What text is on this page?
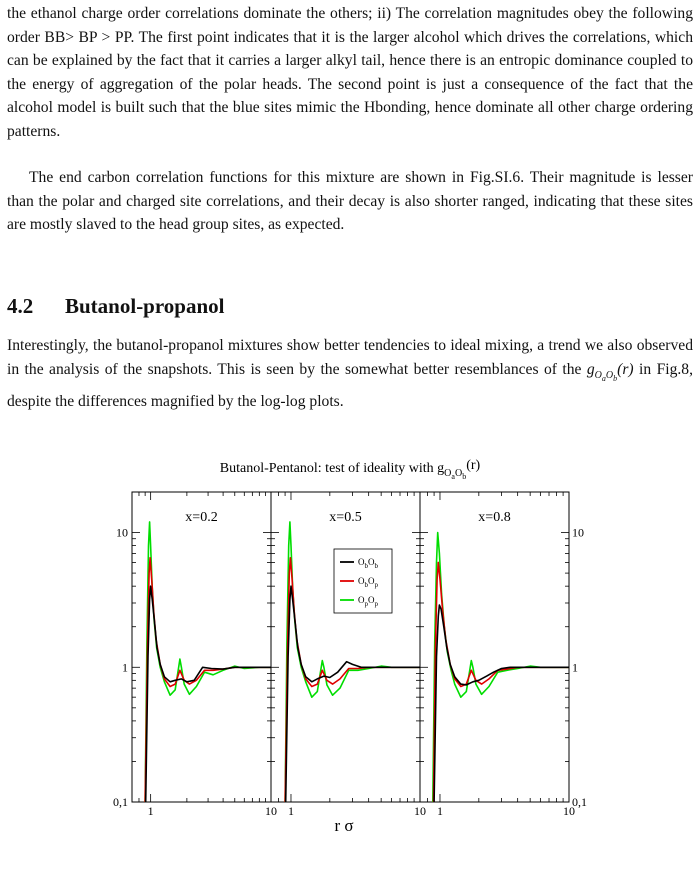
the ethanol charge order correlations dominate the others; ii) The correlation magnitudes obey the following order BB> BP > PP. The first point indicates that it is the larger alcohol which drives the correlations, which can be explained by the fact that it carries a larger alkyl tail, hence there is an entropic dominance coupled to the energy of aggregation of the polar heads. The second point is just a consequence of the fact that the alcohol model is built such that the blue sites mimic the Hbonding, hence dominate all other charge ordering patterns.

The end carbon correlation functions for this mixture are shown in Fig.SI.6. Their magnitude is lesser than the polar and charged site correlations, and their decay is also shorter ranged, indicating that these sites are mostly slaved to the head group sites, as expected.

4.2 Butanol-propanol

Interestingly, the butanol-propanol mixtures show better tendencies to ideal mixing, a trend we also observed in the analysis of the snapshots. This is seen by the somewhat better resemblances of the $g_{O_aO_b}(r)$ in Fig.8, despite the differences magnified by the log-log plots.

Butanol-Pentanol: test of ideality with $g_{Oa}^O_b(r)$
1	10
x=0.2
1	10
x=0.5
1	10
x=0.8
0,1
1
10
0,1
1
10
r σ
$O_bO_b$
$O_bO_p$
$O_pO_p$
